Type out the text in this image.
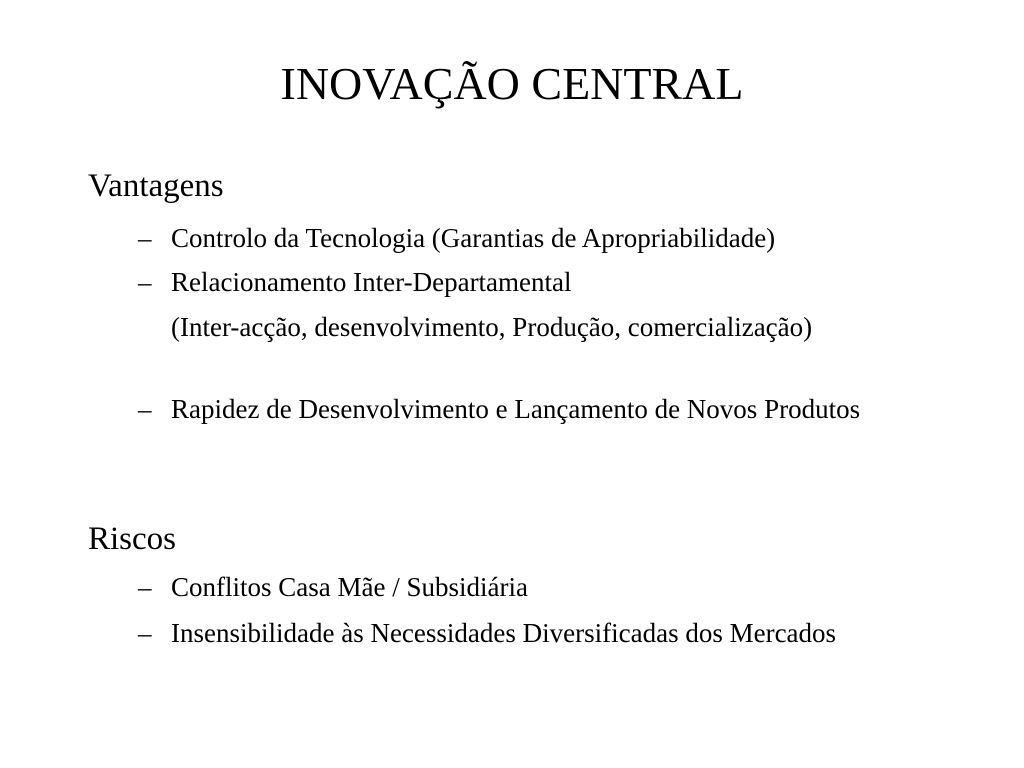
INOVAÇÃO CENTRAL
Vantagens
– Controlo da Tecnologia (Garantias de Apropriabilidade)
– Relacionamento Inter-Departamental
(Inter-acção, desenvolvimento, Produção, comercialização)
– Rapidez de Desenvolvimento e Lançamento de Novos Produtos
Riscos
– Conflitos Casa Mãe / Subsidiária
– Insensibilidade às Necessidades Diversificadas dos Mercados
